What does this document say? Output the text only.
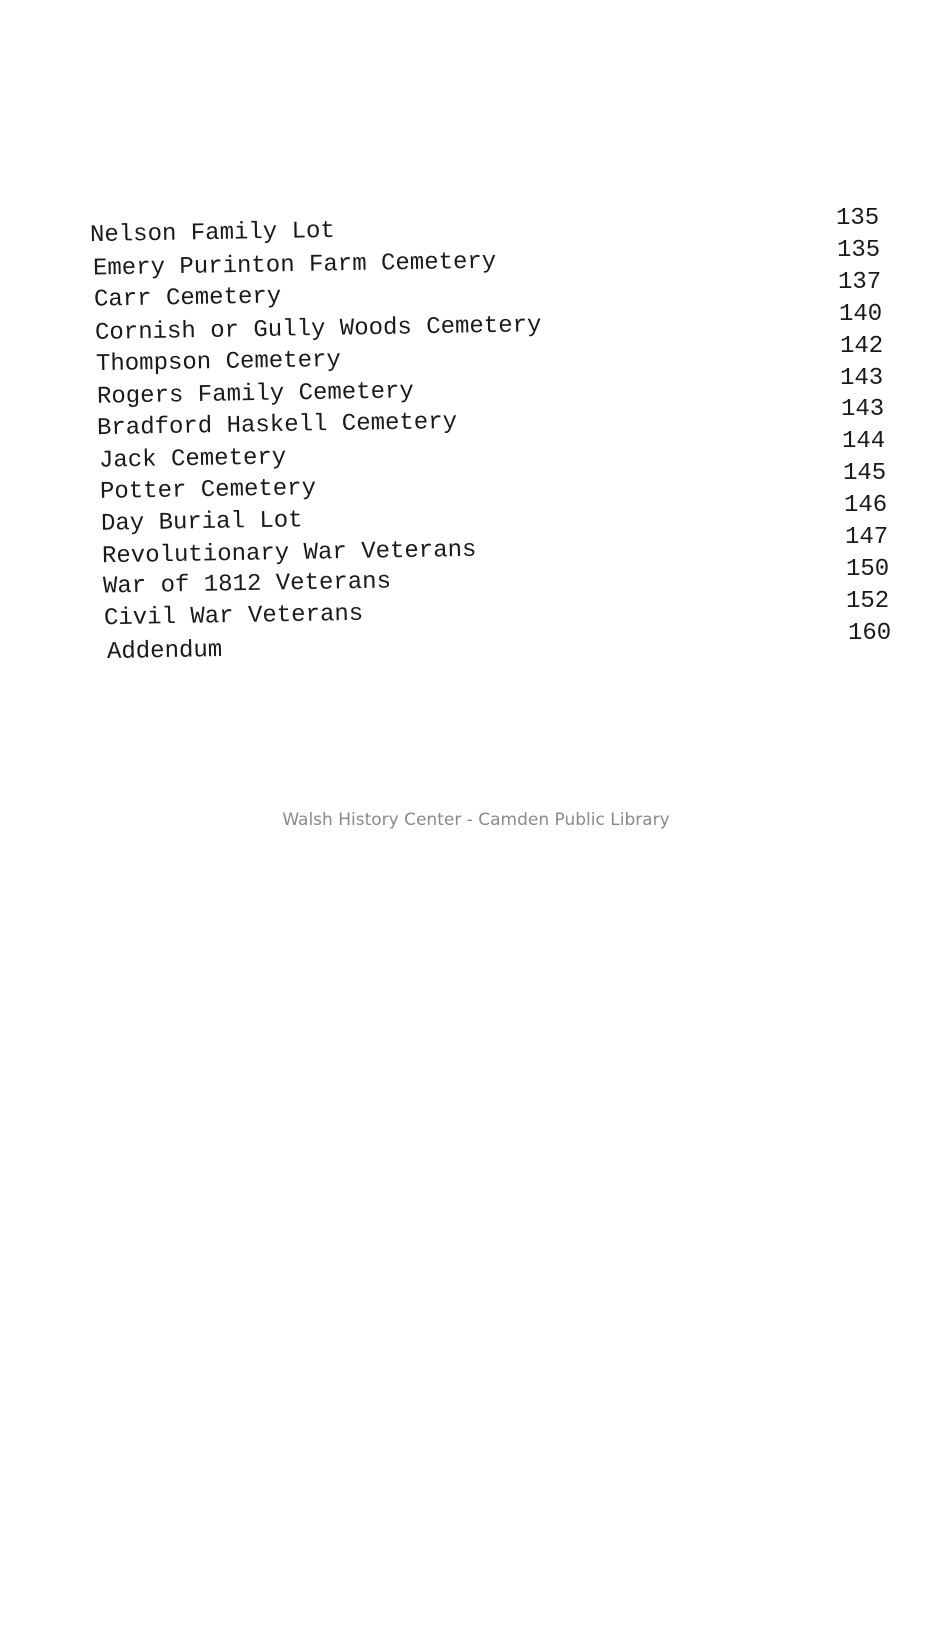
Nelson Family Lot
Emery Purinton Farm Cemetery
Carr Cemetery
Cornish or Gully Woods Cemetery
Thompson Cemetery
Rogers Family Cemetery
Bradford Haskell Cemetery
Jack Cemetery
Potter Cemetery
Day Burial Lot
Revolutionary War Veterans
War of 1812 Veterans
Civil War Veterans
Addendum
135
135
137
140
142
143
143
144
145
146
147
150
152
160
Walsh History Center - Camden Public Library
